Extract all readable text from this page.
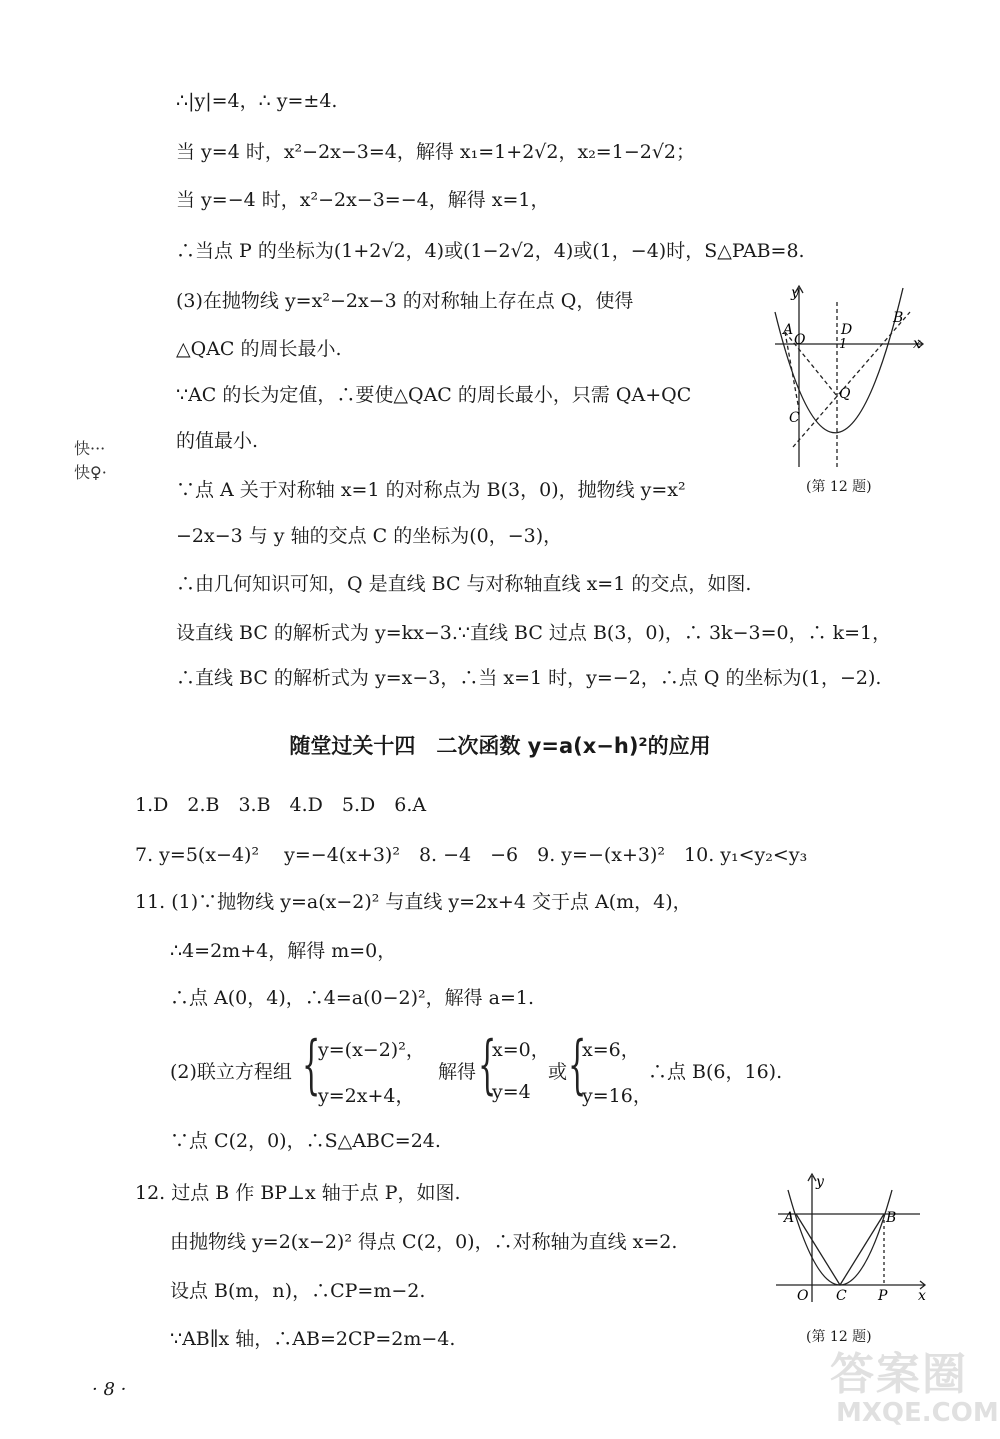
∴|y|=4，∴ y=±4.
当 y=4 时，x²−2x−3=4，解得 x₁=1+2√2，x₂=1−2√2；
当 y=−4 时，x²−2x−3=−4，解得 x=1，
∴当点 P 的坐标为(1+2√2，4)或(1−2√2，4)或(1，−4)时，S△PAB=8.
(3)在抛物线 y=x²−2x−3 的对称轴上存在点 Q，使得
△QAC 的周长最小.
∵AC 的长为定值，∴要使△QAC 的周长最小，只需 QA+QC
的值最小.
∵点 A 关于对称轴 x=1 的对称点为 B(3，0)，抛物线 y=x²
−2x−3 与 y 轴的交点 C 的坐标为(0，−3)，
∴由几何知识可知，Q 是直线 BC 与对称轴直线 x=1 的交点，如图.
设直线 BC 的解析式为 y=kx−3.∵直线 BC 过点 B(3，0)，∴ 3k−3=0，∴ k=1，
∴直线 BC 的解析式为 y=x−3，∴当 x=1 时，y=−2，∴点 Q 的坐标为(1，−2).
快···
快♀·
y
x
A
O
D
1
B
Q
C
(第 12 题)
随堂过关十四　二次函数 y=a(x−h)²的应用
1.D　2.B　3.B　4.D　5.D　6.A
7. y=5(x−4)²　 y=−4(x+3)²　8. −4　−6　9. y=−(x+3)²　10. y₁<y₂<y₃
11. (1)∵抛物线 y=a(x−2)² 与直线 y=2x+4 交于点 A(m，4)，
∴4=2m+4，解得 m=0，
∴点 A(0，4)，∴4=a(0−2)²，解得 a=1.
(2)联立方程组 {
y=(x−2)²，
y=2x+4，
解得 {
x=0，
y=4
或 {
x=6，
y=16，
∴点 B(6，16).
∵点 C(2，0)，∴S△ABC=24.
12. 过点 B 作 BP⊥x 轴于点 P，如图.
由抛物线 y=2(x−2)² 得点 C(2，0)，∴对称轴为直线 x=2.
设点 B(m，n)，∴CP=m−2.
∵AB∥x 轴，∴AB=2CP=2m−4.
y
x
A	B
O C P
(第 12 题)
· 8 ·	答案圈
MXQE.COM
